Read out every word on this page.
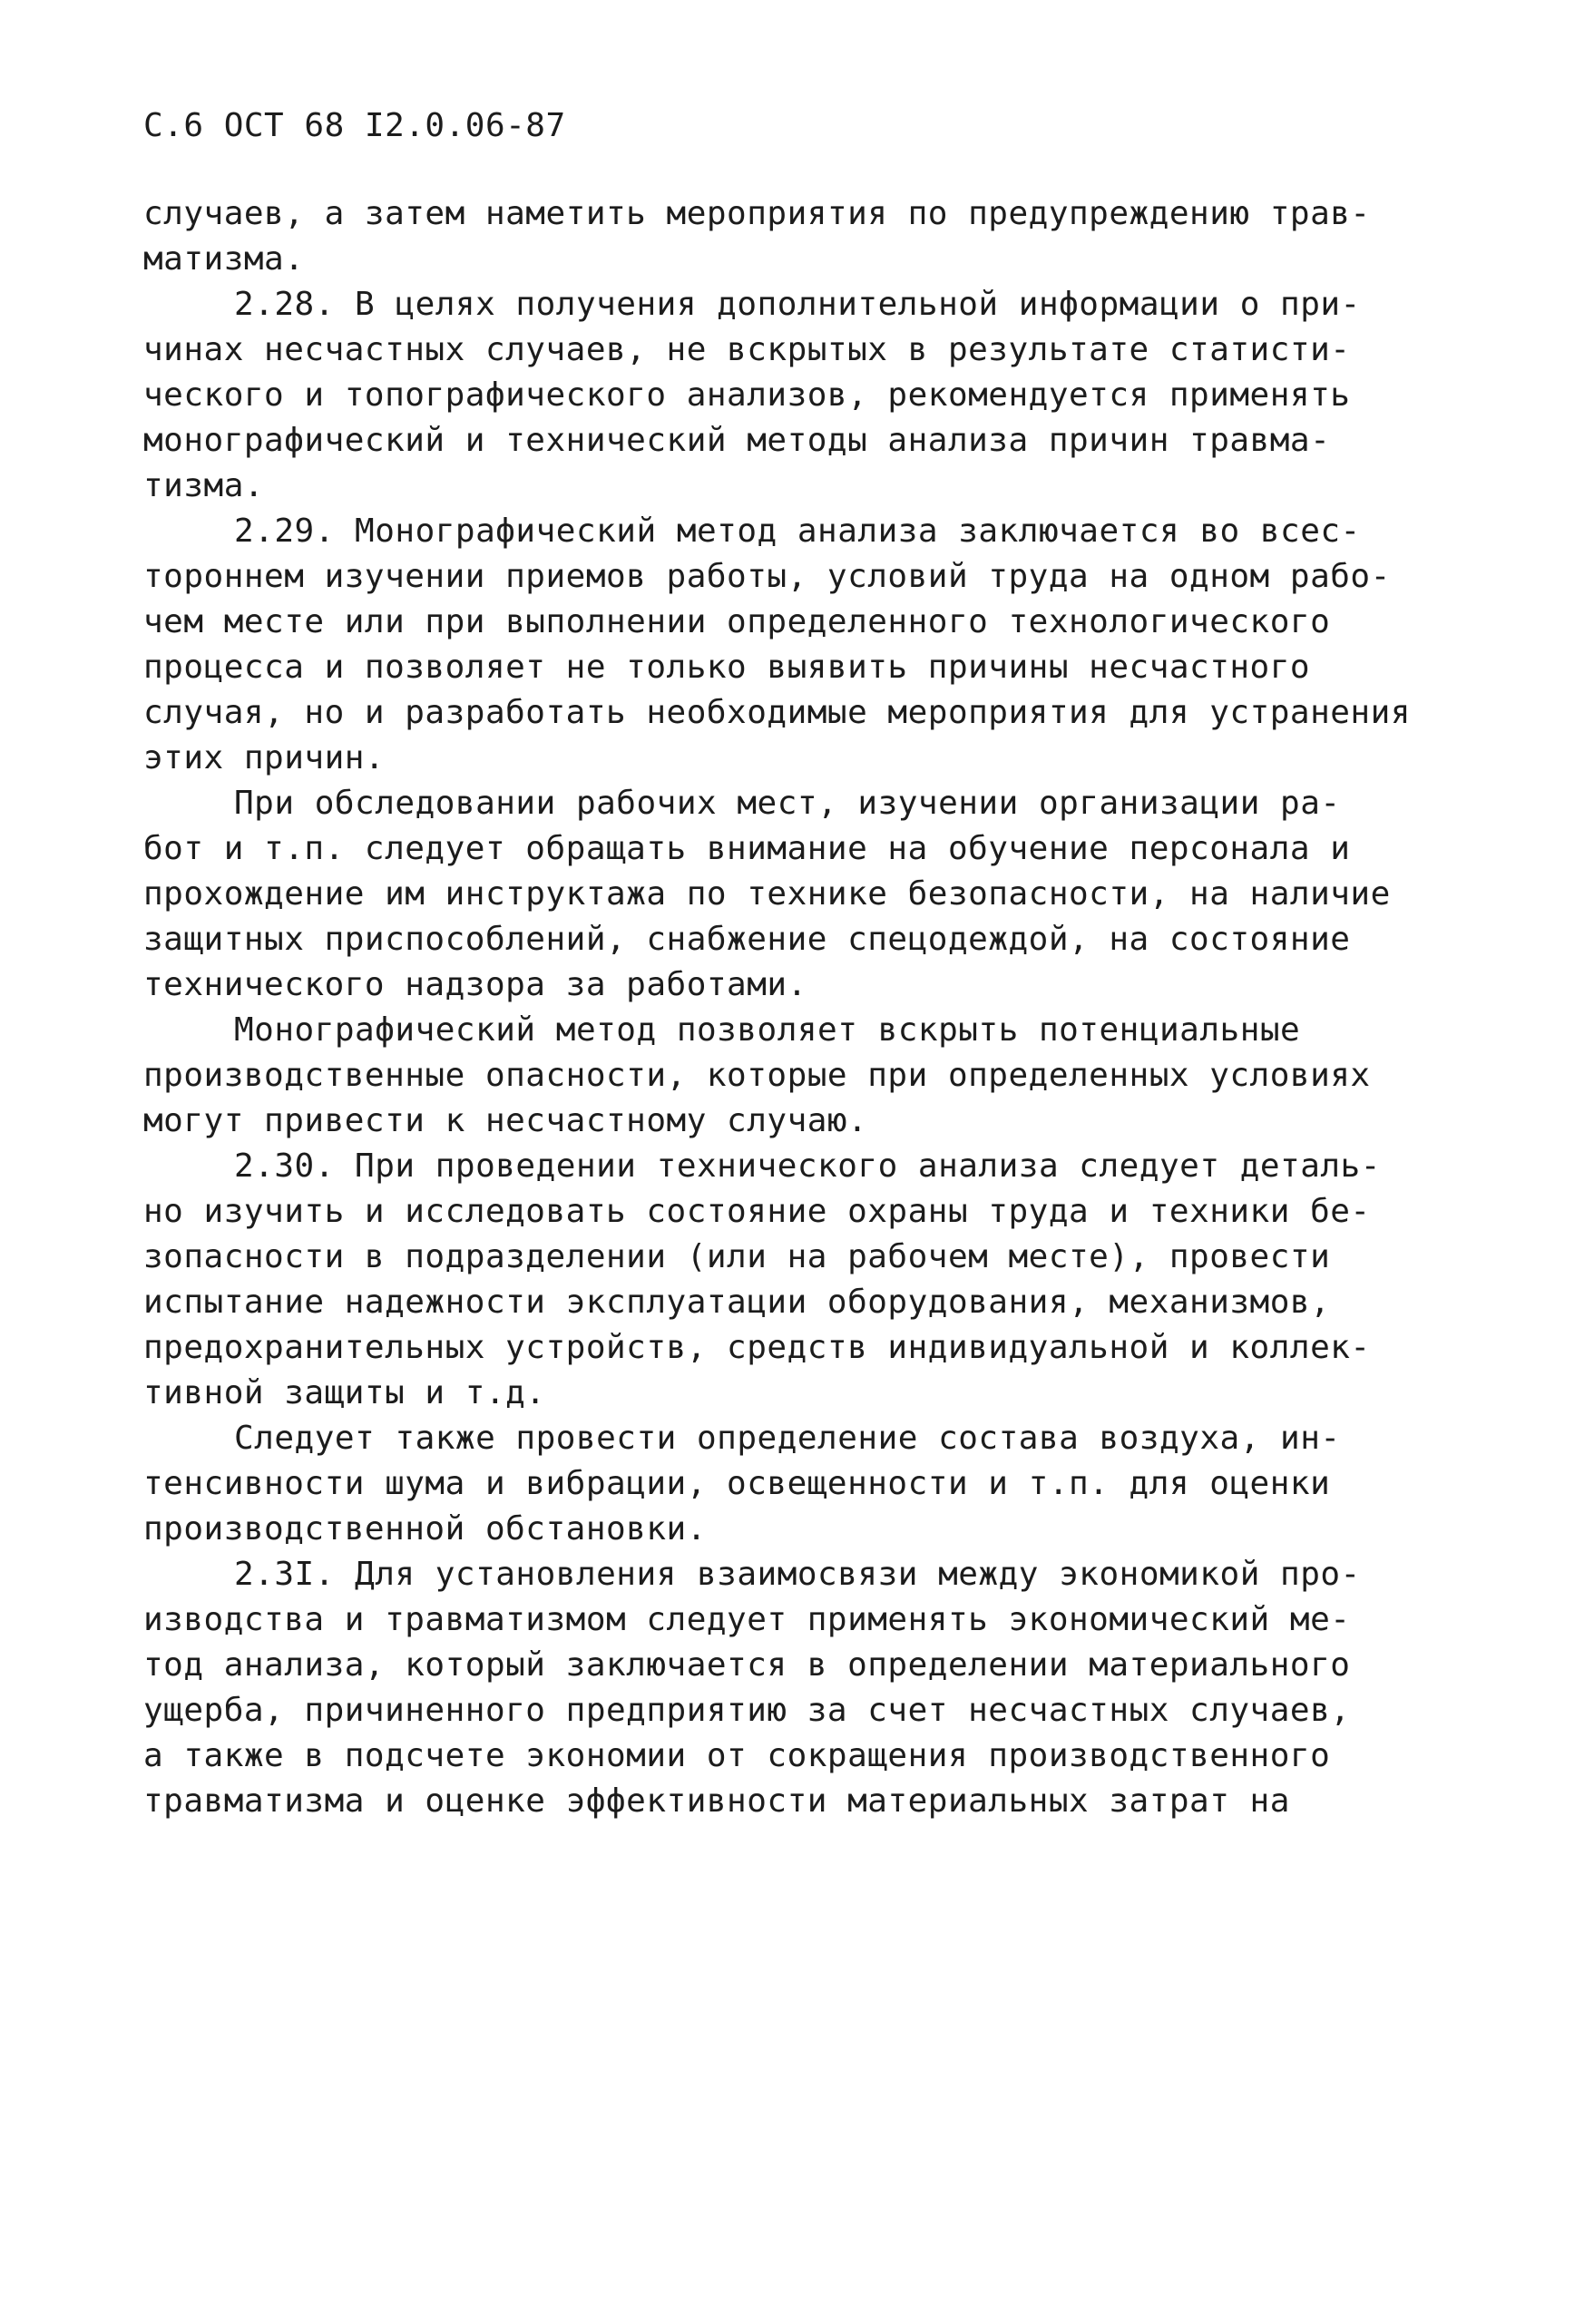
С.6 ОСТ 68 I2.0.06-87

случаев, а затем наметить мероприятия по предупреждению трав-

матизма.

2.28. В целях получения дополнительной информации о при-

чинах несчастных случаев, не вскрытых в результате статисти-

ческого и топографического анализов, рекомендуется применять

монографический и технический методы анализа причин травма-

тизма.

2.29. Монографический метод анализа заключается во всес-

тороннем изучении приемов работы, условий труда на одном рабо-

чем месте или при выполнении определенного технологического

процесса и позволяет не только выявить причины несчастного

случая, но и разработать необходимые мероприятия для устранения

этих причин.

При обследовании рабочих мест, изучении организации ра-

бот и т.п. следует обращать внимание на обучение персонала и

прохождение им инструктажа по технике безопасности, на наличие

защитных приспособлений, снабжение спецодеждой, на состояние

технического надзора за работами.

Монографический метод позволяет вскрыть потенциальные

производственные опасности, которые при определенных условиях

могут привести к несчастному случаю.

2.30. При проведении технического анализа следует деталь-

но изучить и исследовать состояние охраны труда и техники бе-

зопасности в подразделении (или на рабочем месте), провести

испытание надежности эксплуатации оборудования, механизмов,

предохранительных устройств, средств индивидуальной и коллек-

тивной защиты и т.д.

Следует также провести определение состава воздуха, ин-

тенсивности шума и вибрации, освещенности и т.п. для оценки

производственной обстановки.

2.3I. Для установления взаимосвязи между экономикой про-

изводства и травматизмом следует применять экономический ме-

тод анализа, который заключается в определении материального

ущерба, причиненного предприятию за счет несчастных случаев,

а также в подсчете экономии от сокращения производственного

травматизма и оценке эффективности материальных затрат на
